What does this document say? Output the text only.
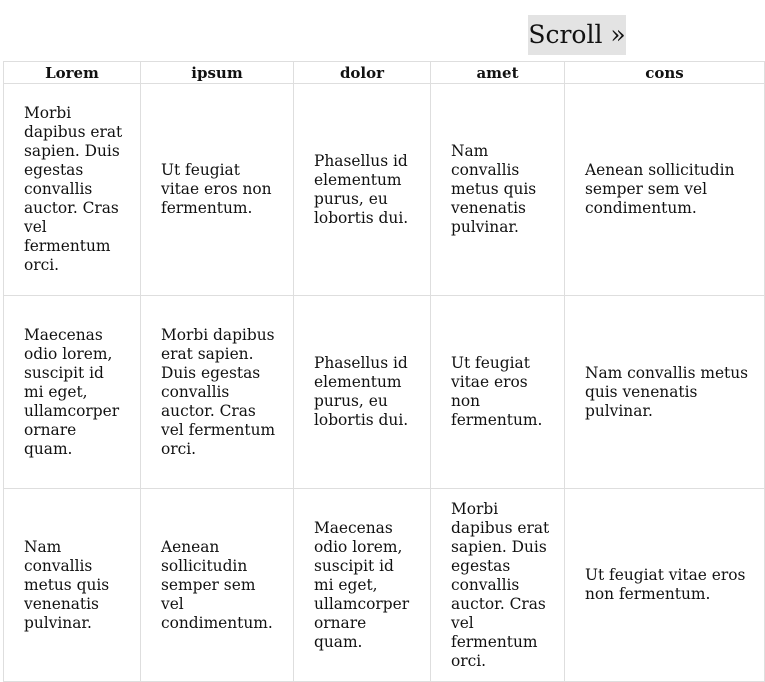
Scroll »
Lorem	ipsum	dolor	amet	cons
Morbi dapibus erat sapien. Duis egestas convallis auctor. Cras vel fermentum orci.	Ut feugiat vitae eros non fermentum.	Phasellus id elementum purus, eu lobortis dui.	Nam convallis metus quis venenatis pulvinar.	Aenean sollicitudin semper sem vel condimentum.
Maecenas odio lorem, suscipit id mi eget, ullamcorper ornare quam.	Morbi dapibus erat sapien. Duis egestas convallis auctor. Cras vel fermentum orci.	Phasellus id elementum purus, eu lobortis dui.	Ut feugiat vitae eros non fermentum.	Nam convallis metus quis venenatis pulvinar.
Nam convallis metus quis venenatis pulvinar.	Aenean sollicitudin semper sem vel condimentum.	Maecenas odio lorem, suscipit id mi eget, ullamcorper ornare quam.	Morbi dapibus erat sapien. Duis egestas convallis auctor. Cras vel fermentum orci.	Ut feugiat vitae eros non fermentum.
